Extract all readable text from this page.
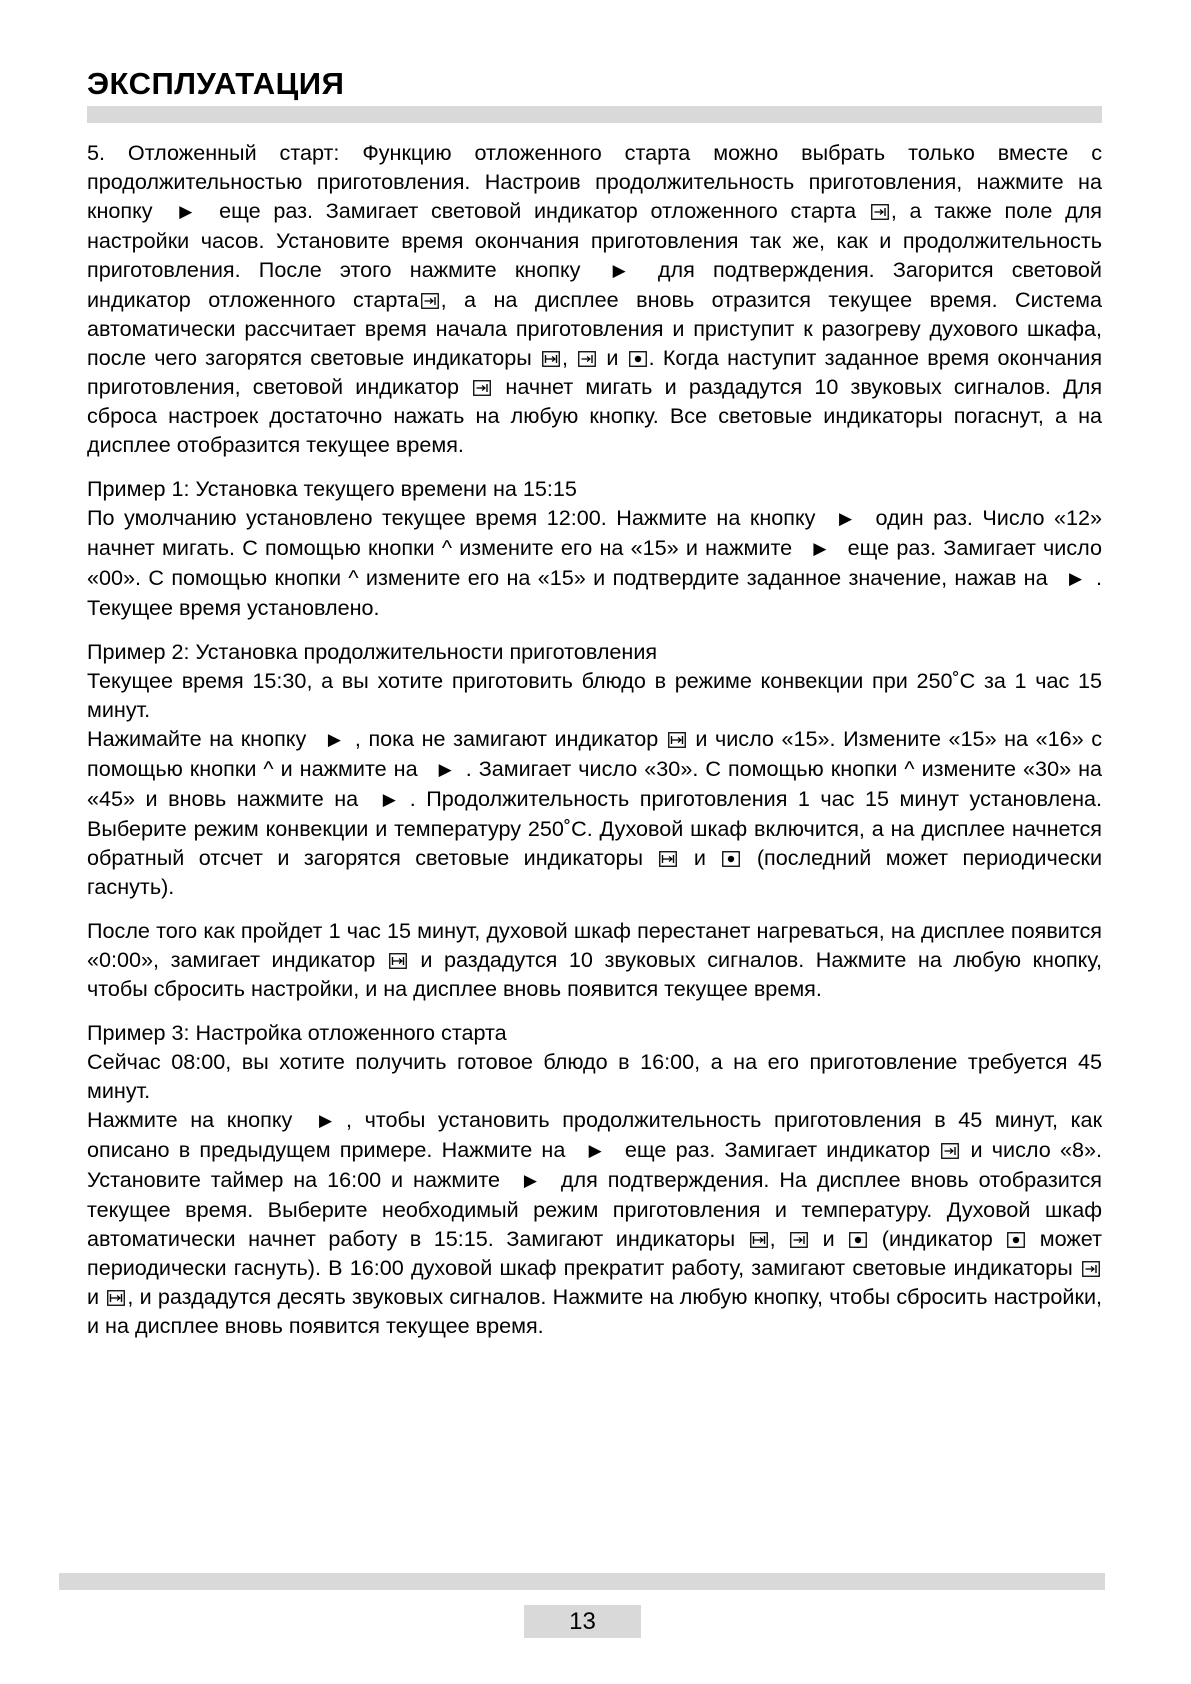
ЭКСПЛУАТАЦИЯ

5. Отложенный старт: Функцию отложенного старта можно выбрать только вместе с продолжительностью приготовления. Настроив продолжительность приготовления, нажмите на кнопку ▶ еще раз. Замигает световой индикатор отложенного старта , а также поле для настройки часов. Установите время окончания приготовления так же, как и продолжительность приготовления. После этого нажмите кнопку ▶ для подтверждения. Загорится световой индикатор отложенного старта , а на дисплее вновь отразится текущее время. Система автоматически рассчитает время начала приготовления и приступит к разогреву духового шкафа, после чего загорятся световые индикаторы , и . Когда наступит заданное время окончания приготовления, световой индикатор начнет мигать и раздадутся 10 звуковых сигналов. Для сброса настроек достаточно нажать на любую кнопку. Все световые индикаторы погаснут, а на дисплее отобразится текущее время.

Пример 1: Установка текущего времени на 15:15

По умолчанию установлено текущее время 12:00. Нажмите на кнопку ▶ один раз. Число «12» начнет мигать. С помощью кнопки ^ измените его на «15» и нажмите ▶ еще раз. Замигает число «00». С помощью кнопки ^ измените его на «15» и подтвердите заданное значение, нажав на ▶ . Текущее время установлено.

Пример 2: Установка продолжительности приготовления

Текущее время 15:30, а вы хотите приготовить блюдо в режиме конвекции при 250˚C за 1 час 15 минут.

Нажимайте на кнопку ▶ , пока не замигают индикатор и число «15». Измените «15» на «16» с помощью кнопки ^ и нажмите на ▶ . Замигает число «30». С помощью кнопки ^ измените «30» на «45» и вновь нажмите на ▶ . Продолжительность приготовления 1 час 15 минут установлена. Выберите режим конвекции и температуру 250˚C. Духовой шкаф включится, а на дисплее начнется обратный отсчет и загорятся световые индикаторы и (последний может периодически гаснуть).

После того как пройдет 1 час 15 минут, духовой шкаф перестанет нагреваться, на дисплее появится «0:00», замигает индикатор и раздадутся 10 звуковых сигналов. Нажмите на любую кнопку, чтобы сбросить настройки, и на дисплее вновь появится текущее время.

Пример 3: Настройка отложенного старта

Сейчас 08:00, вы хотите получить готовое блюдо в 16:00, а на его приготовление требуется 45 минут.

Нажмите на кнопку ▶ , чтобы установить продолжительность приготовления в 45 минут, как описано в предыдущем примере. Нажмите на ▶ еще раз. Замигает индикатор и число «8». Установите таймер на 16:00 и нажмите ▶ для подтверждения. На дисплее вновь отобразится текущее время. Выберите необходимый режим приготовления и температуру. Духовой шкаф автоматически начнет работу в 15:15. Замигают индикаторы , и (индикатор может периодически гаснуть). В 16:00 духовой шкаф прекратит работу, замигают световые индикаторы
и , и раздадутся десять звуковых сигналов. Нажмите на любую кнопку, чтобы сбросить настройки, и на дисплее вновь появится текущее время.

13
